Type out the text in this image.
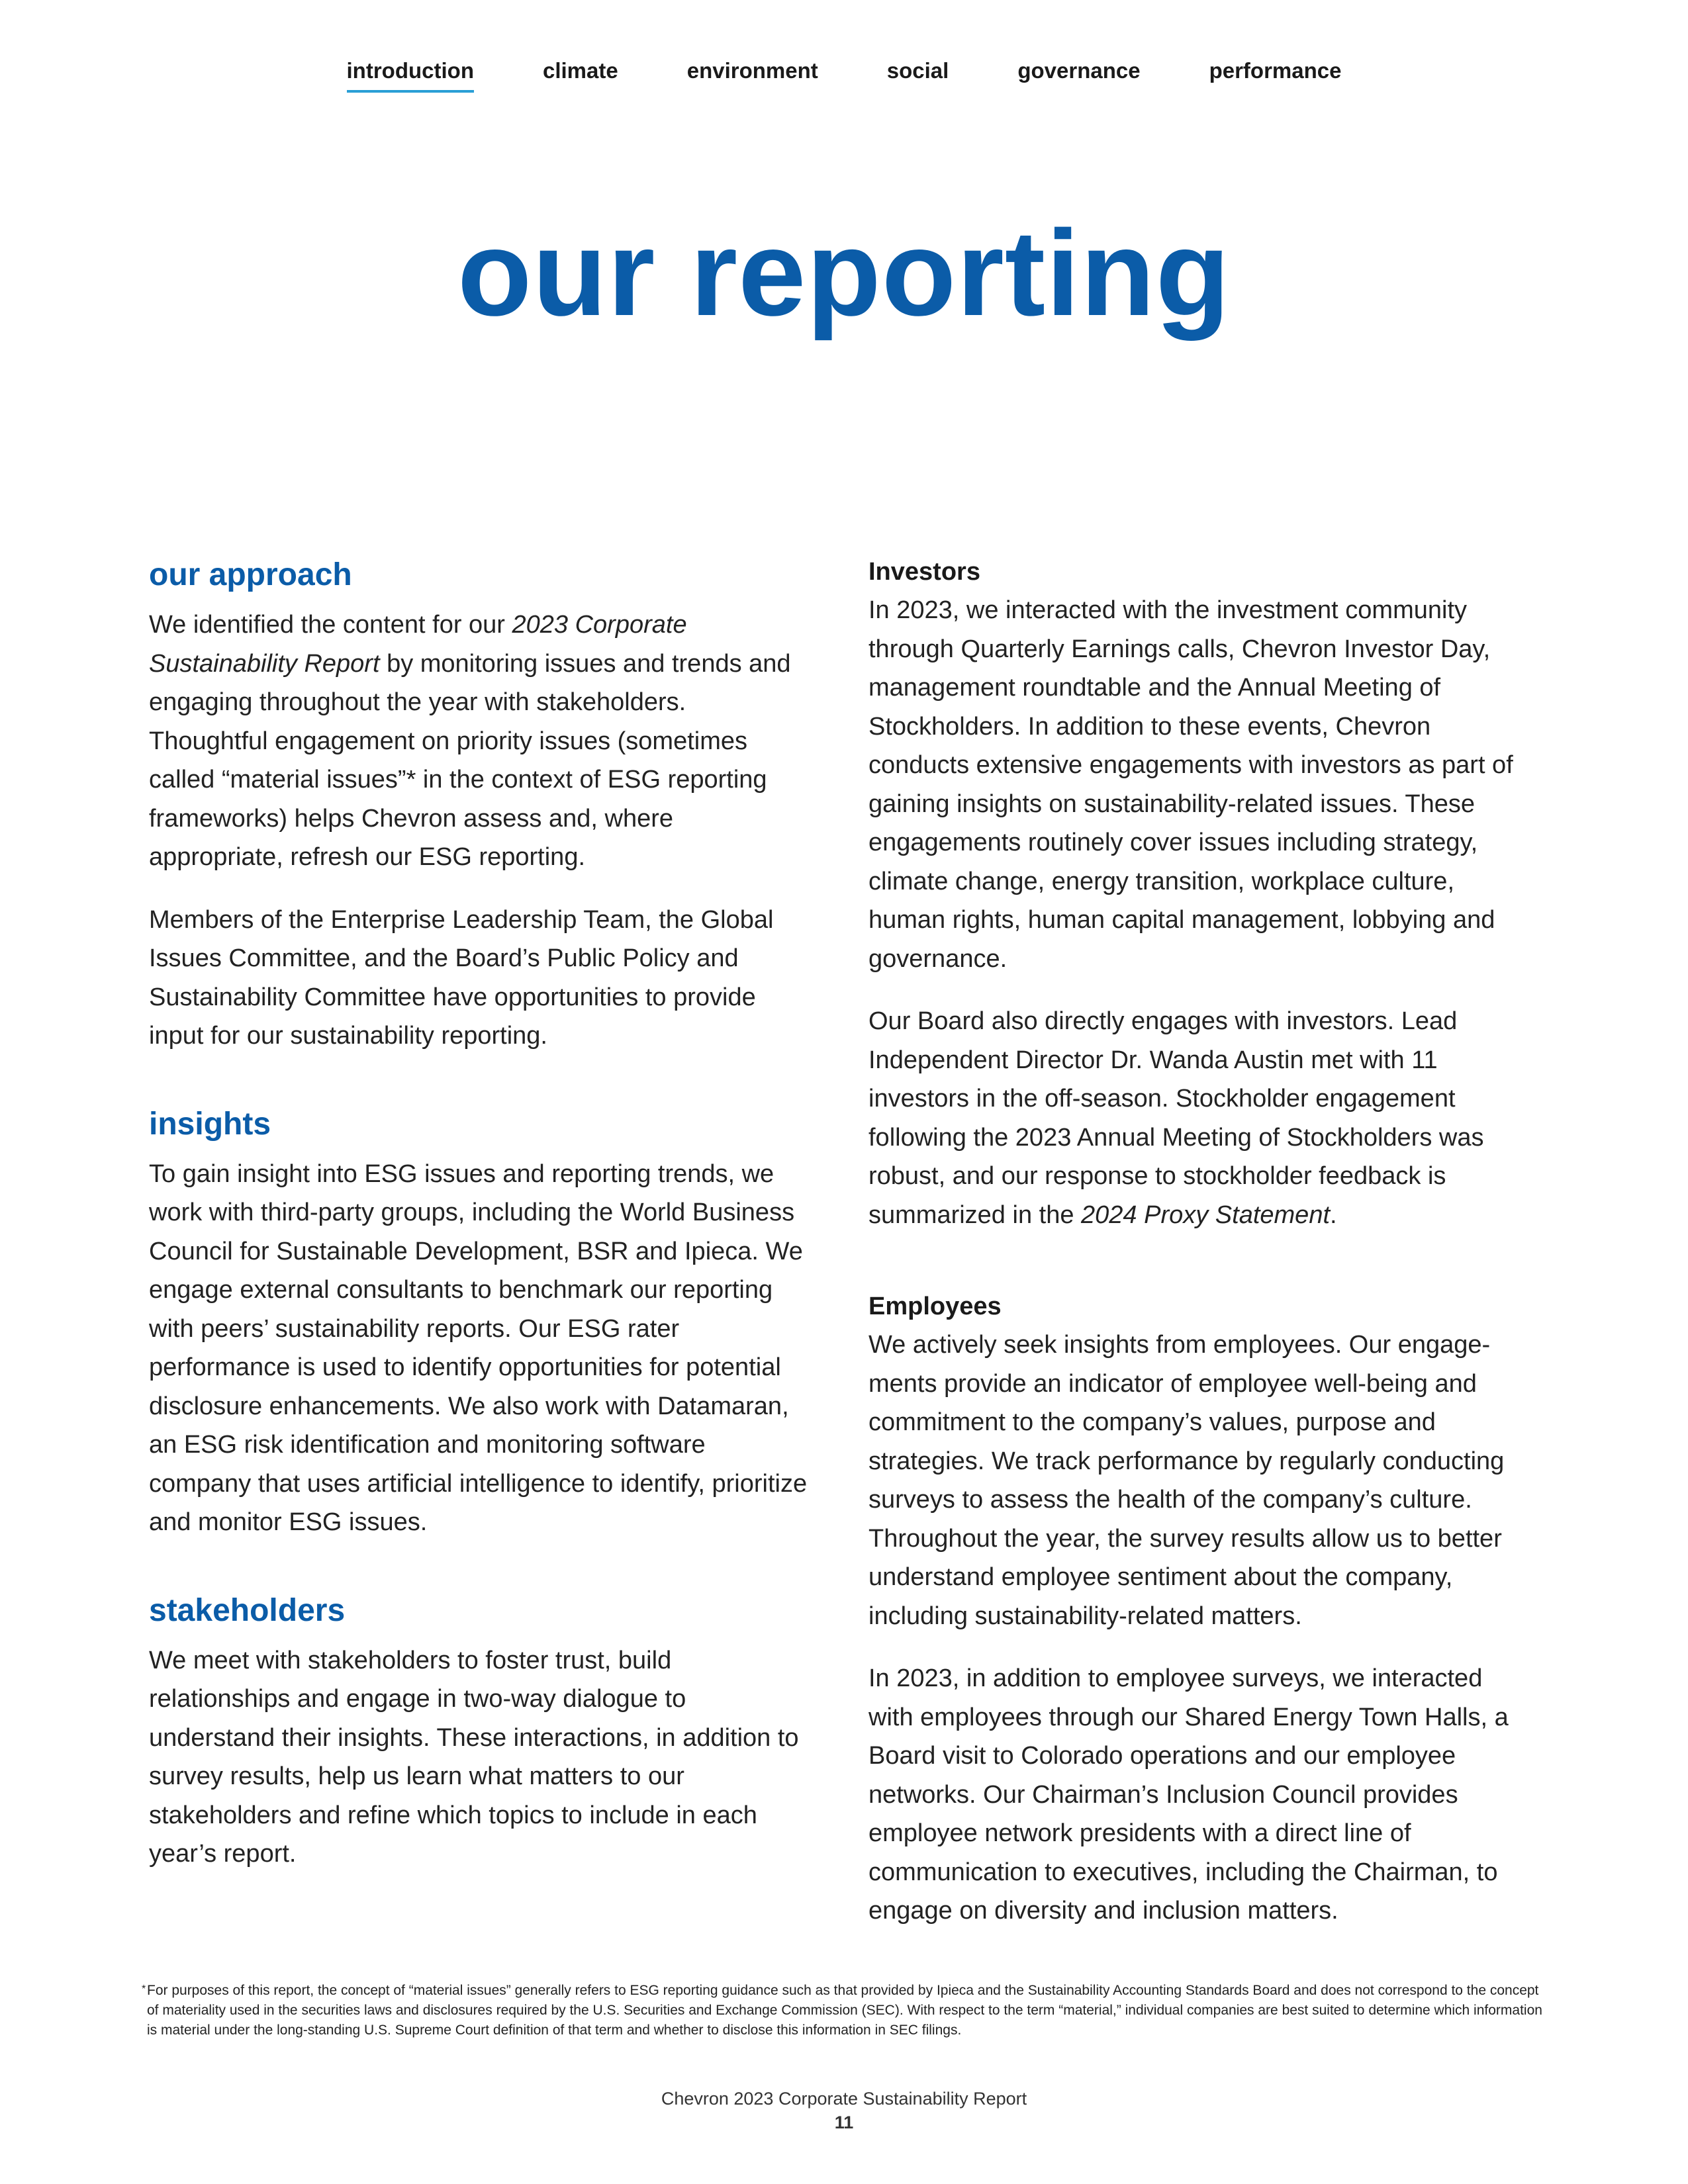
introduction	climate	environment	social	governance	performance
our reporting
our approach

We identified the content for our 2023 Corporate Sustainability Report by monitoring issues and trends and engaging throughout the year with stakeholders. Thoughtful engagement on priority issues (sometimes called “material issues”* in the context of ESG reporting frameworks) helps Chevron assess and, where appropriate, refresh our ESG reporting.

Members of the Enterprise Leadership Team, the Global Issues Committee, and the Board’s Public Policy and Sustainability Committee have opportunities to provide input for our sustainability reporting.

insights

To gain insight into ESG issues and reporting trends, we work with third-party groups, including the World Business Council for Sustainable Development, BSR and Ipieca. We engage external consultants to benchmark our reporting with peers’ sustainability reports. Our ESG rater performance is used to identify opportunities for potential disclosure enhancements. We also work with Datamaran, an ESG risk identification and monitoring software company that uses artificial intelligence to identify, prioritize and monitor ESG issues.

stakeholders

We meet with stakeholders to foster trust, build relationships and engage in two-way dialogue to understand their insights. These interactions, in addition to survey results, help us learn what matters to our stakeholders and refine which topics to include in each year’s report.

Investors

In 2023, we interacted with the investment community through Quarterly Earnings calls, Chevron Investor Day, management roundtable and the Annual Meeting of Stockholders. In addition to these events, Chevron conducts extensive engagements with investors as part of gaining insights on sustainability-related issues. These engagements routinely cover issues including strategy, climate change, energy transition, workplace culture, human rights, human capital management, lobbying and governance.

Our Board also directly engages with investors. Lead Independent Director Dr. Wanda Austin met with 11 investors in the off-season. Stockholder engagement following the 2023 Annual Meeting of Stockholders was robust, and our response to stockholder feedback is summarized in the 2024 Proxy Statement.

Employees

We actively seek insights from employees. Our engagements provide an indicator of employee well-being and commitment to the company’s values, purpose and strategies. We track performance by regularly conducting surveys to assess the health of the company’s culture. Throughout the year, the survey results allow us to better understand employee sentiment about the company, including sustainability-related matters.

In 2023, in addition to employee surveys, we interacted with employees through our Shared Energy Town Halls, a Board visit to Colorado operations and our employee networks. Our Chairman’s Inclusion Council provides employee network presidents with a direct line of communication to executives, including the Chairman, to engage on diversity and inclusion matters.

* For purposes of this report, the concept of “material issues” generally refers to ESG reporting guidance such as that provided by Ipieca and the Sustainability Accounting Standards Board and does not correspond to the concept of materiality used in the securities laws and disclosures required by the U.S. Securities and Exchange Commission (SEC). With respect to the term “material,” individual companies are best suited to determine which information is material under the long-standing U.S. Supreme Court definition of that term and whether to disclose this information in SEC filings.
Chevron 2023 Corporate Sustainability Report
11
